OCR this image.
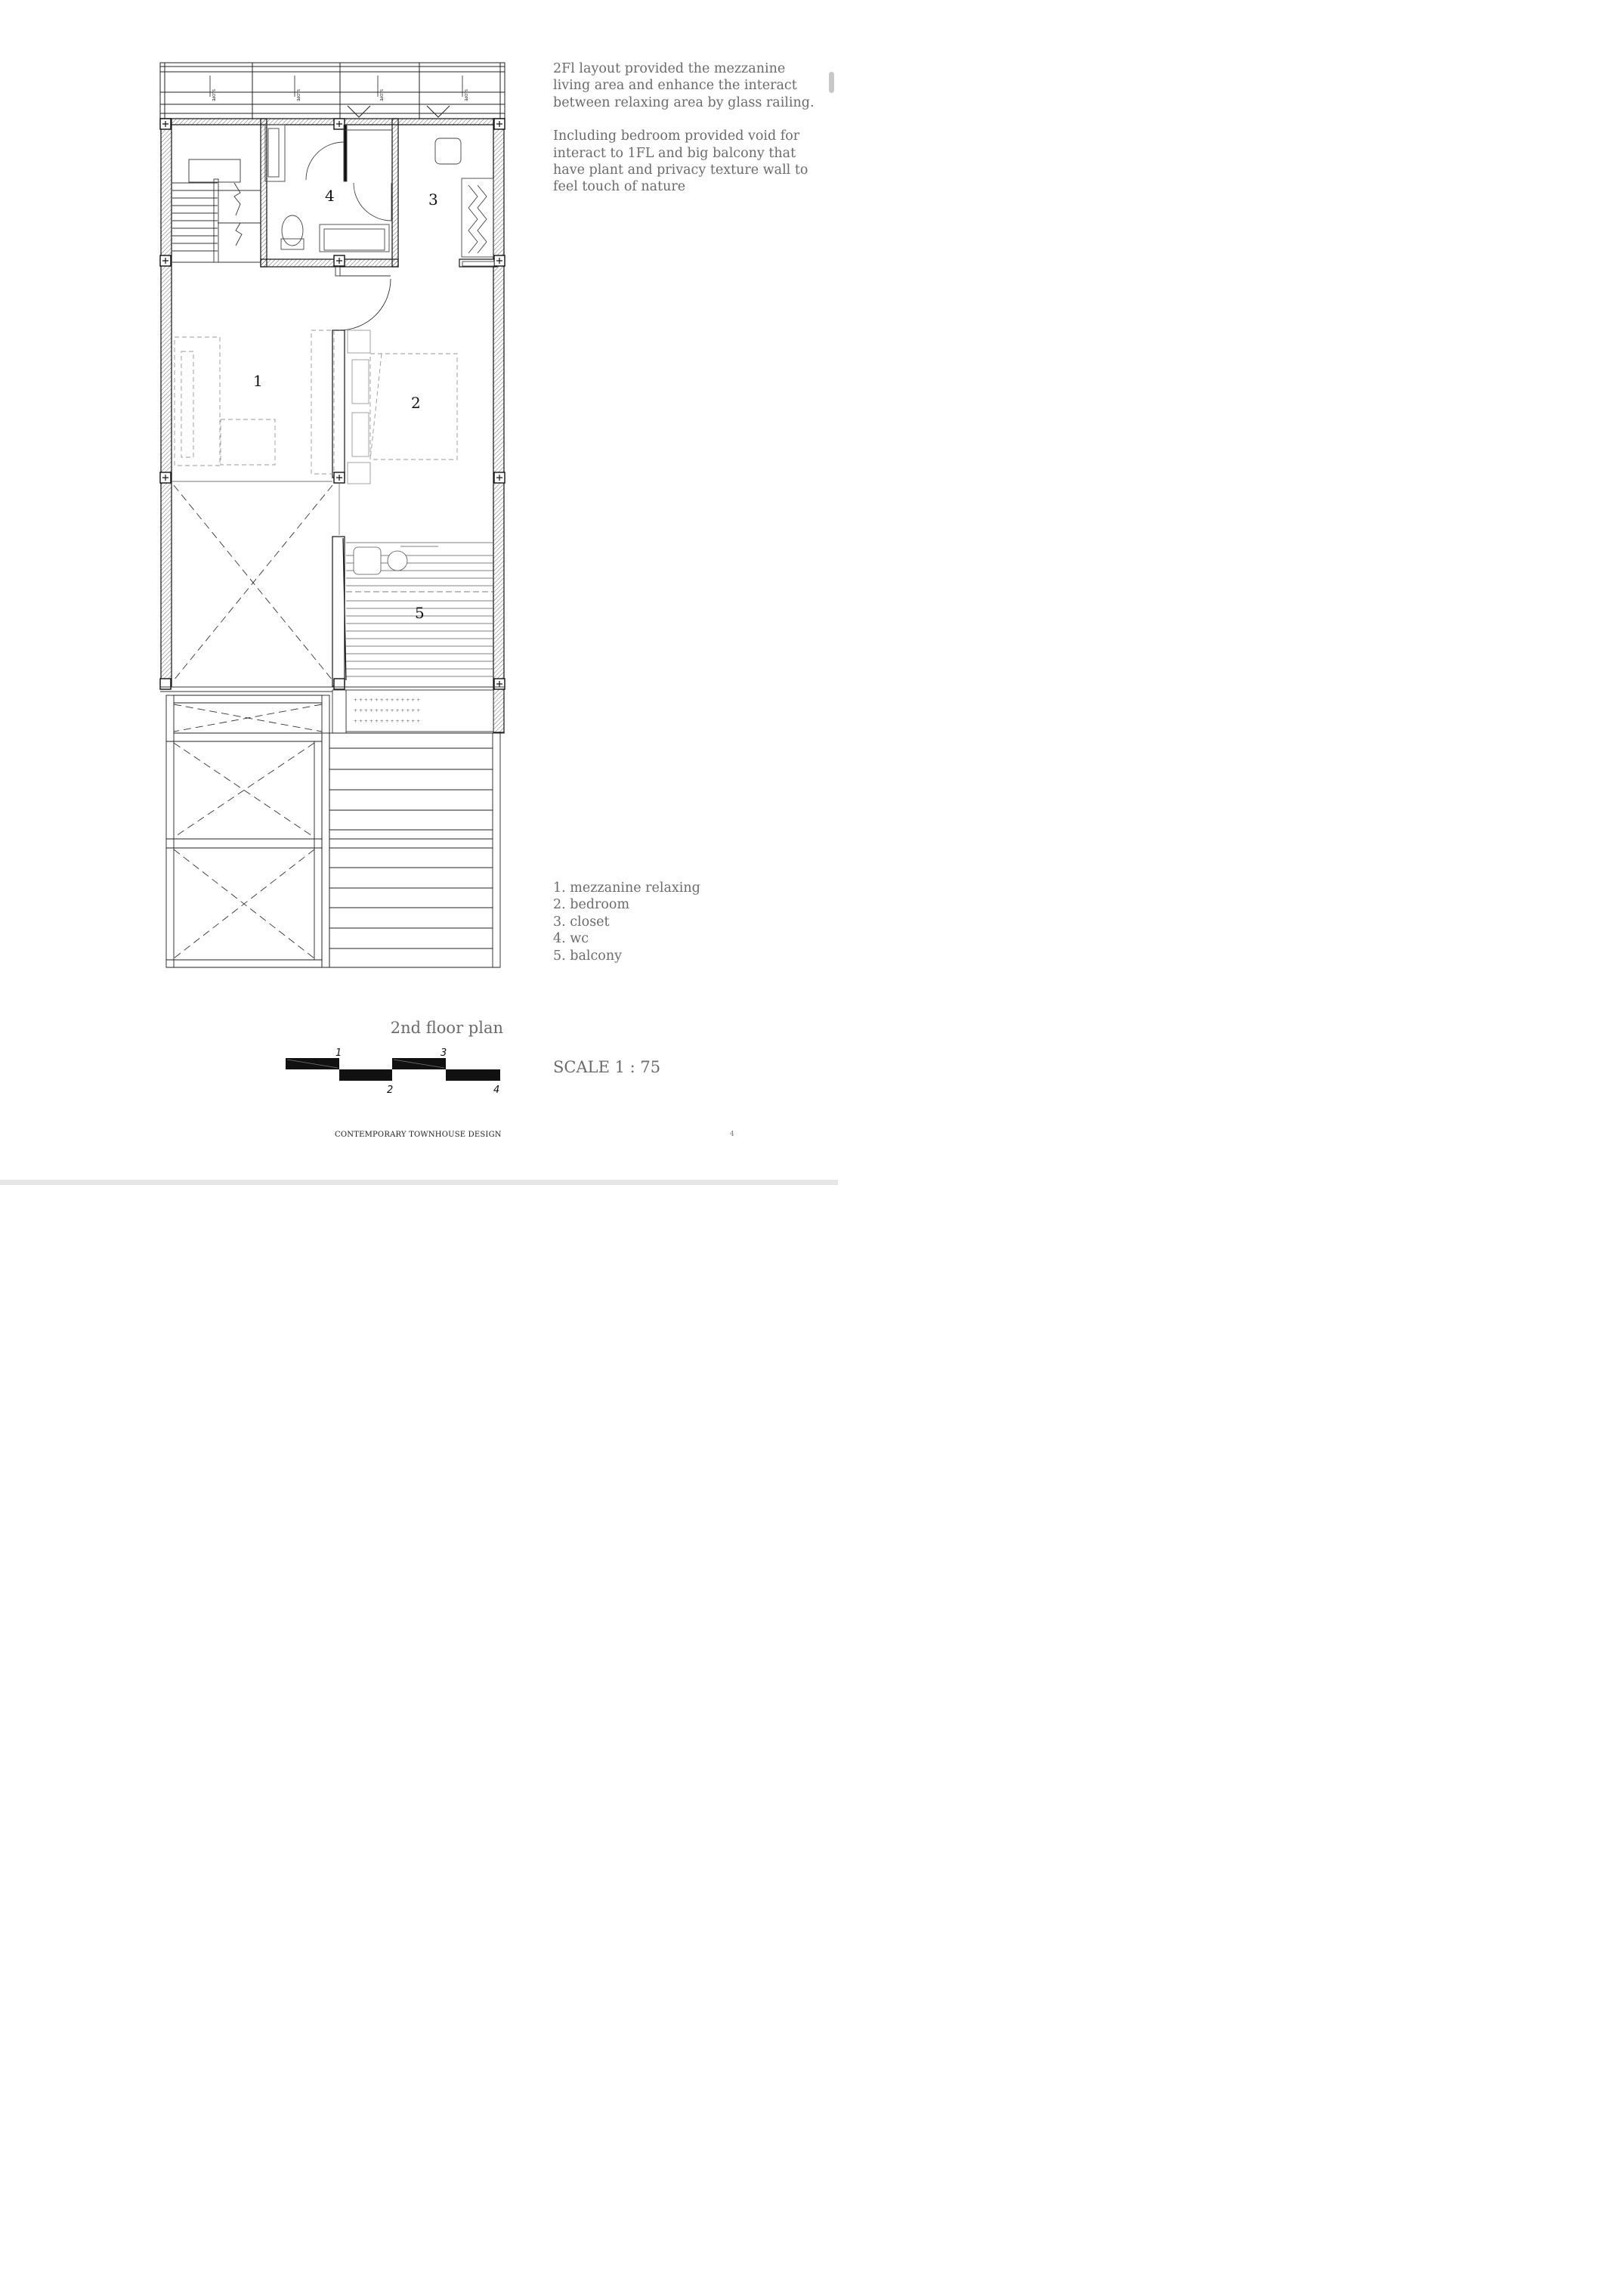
SLOPE	SLOPE	SLOPE	SLOPE
+ + + + + + + + + + + + +
+ + + + + + + + + + + + +
+ + + + + + + + + + + + +
1
2
3
4
5

2Fl layout provided the mezzanine living area and enhance the interact between relaxing area by glass railing.

Including bedroom provided void for interact to 1FL and big balcony that have plant and privacy texture wall to feel touch of nature

1. mezzanine relaxing
2. bedroom
3. closet
4. wc
5. balcony
2nd floor plan
1	3
2	4
SCALE 1 : 75
CONTEMPORARY TOWNHOUSE DESIGN	4
